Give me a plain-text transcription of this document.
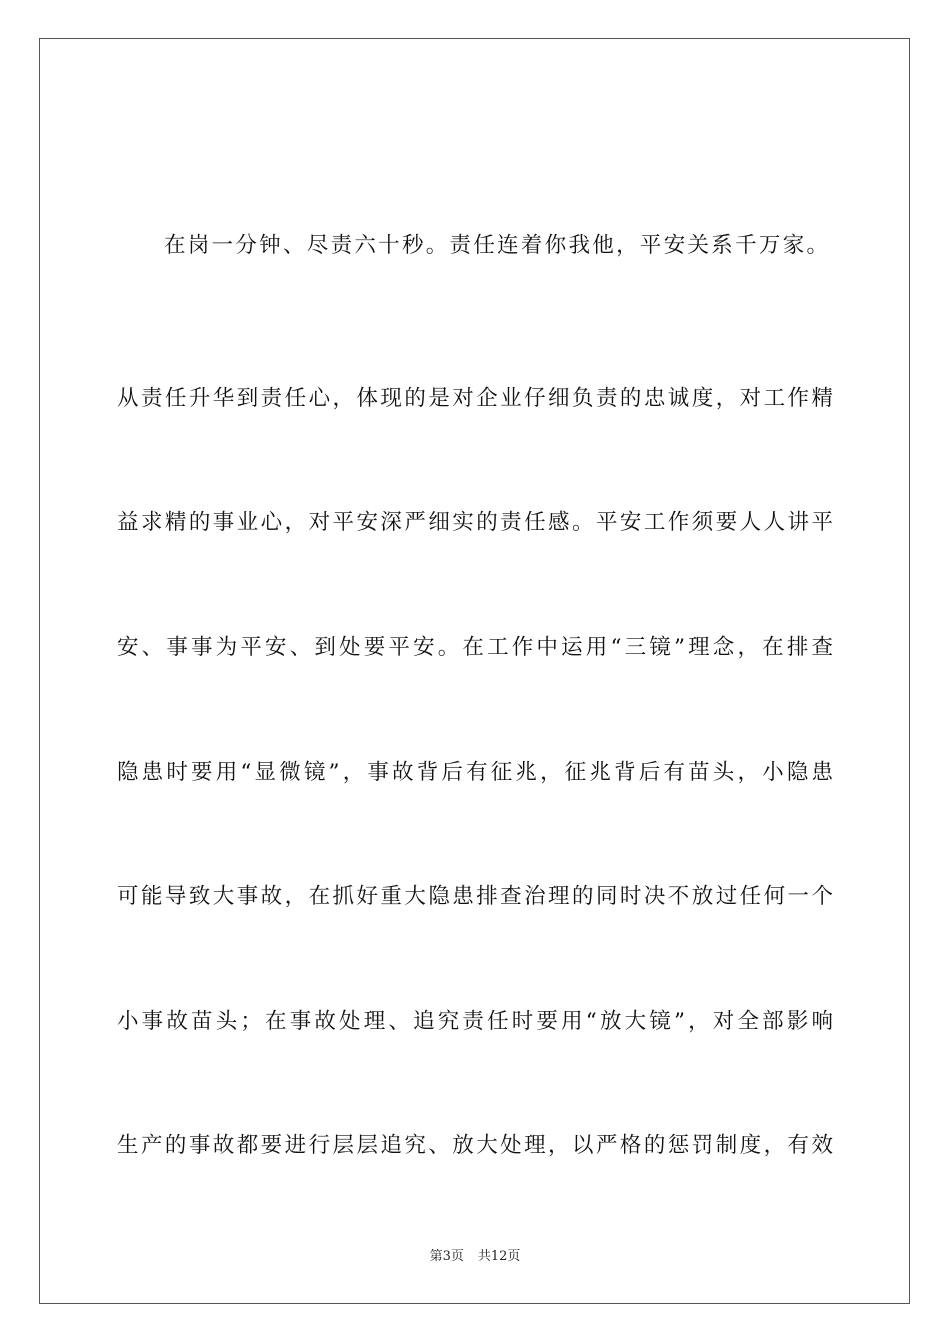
在岗一分钟、尽责六十秒。责任连着你我他，平安关系千万家。
从责任升华到责任心，体现的是对企业仔细负责的忠诚度，对工作精
益求精的事业心，对平安深严细实的责任感。平安工作须要人人讲平
安、事事为平安、到处要平安。在工作中运用“三镜”理念，在排查
隐患时要用“显微镜”，事故背后有征兆，征兆背后有苗头，小隐患
可能导致大事故，在抓好重大隐患排查治理的同时决不放过任何一个
小事故苗头；在事故处理、追究责任时要用“放大镜”，对全部影响
生产的事故都要进行层层追究、放大处理，以严格的惩罚制度，有效
第3页 共12页
